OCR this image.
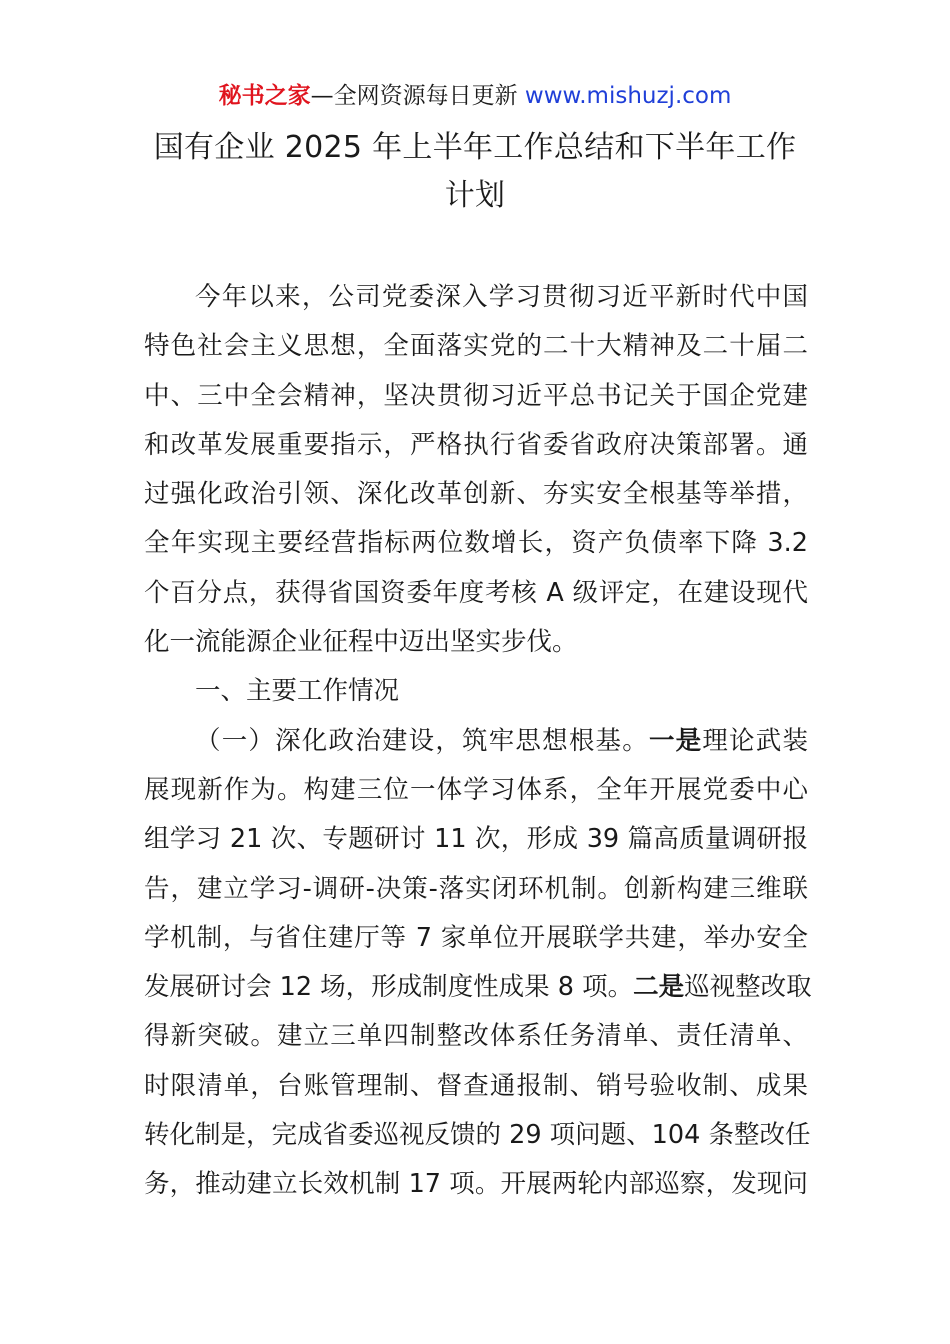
秘书之家—全网资源每日更新 www.mishuzj.com
国有企业 2025 年上半年工作总结和下半年工作
计划
今年以来，公司党委深入学习贯彻习近平新时代中国
特色社会主义思想，全面落实党的二十大精神及二十届二
中、三中全会精神，坚决贯彻习近平总书记关于国企党建
和改革发展重要指示，严格执行省委省政府决策部署。通
过强化政治引领、深化改革创新、夯实安全根基等举措，
全年实现主要经营指标两位数增长，资产负债率下降 3.2
个百分点，获得省国资委年度考核 A 级评定，在建设现代
化一流能源企业征程中迈出坚实步伐。
一、主要工作情况
（一）深化政治建设，筑牢思想根基。一是理论武装
展现新作为。构建三位一体学习体系，全年开展党委中心
组学习 21 次、专题研讨 11 次，形成 39 篇高质量调研报
告，建立学习-调研-决策-落实闭环机制。创新构建三维联
学机制，与省住建厅等 7 家单位开展联学共建，举办安全
发展研讨会 12 场，形成制度性成果 8 项。二是巡视整改取
得新突破。建立三单四制整改体系任务清单、责任清单、
时限清单，台账管理制、督查通报制、销号验收制、成果
转化制是，完成省委巡视反馈的 29 项问题、104 条整改任
务，推动建立长效机制 17 项。开展两轮内部巡察，发现问
